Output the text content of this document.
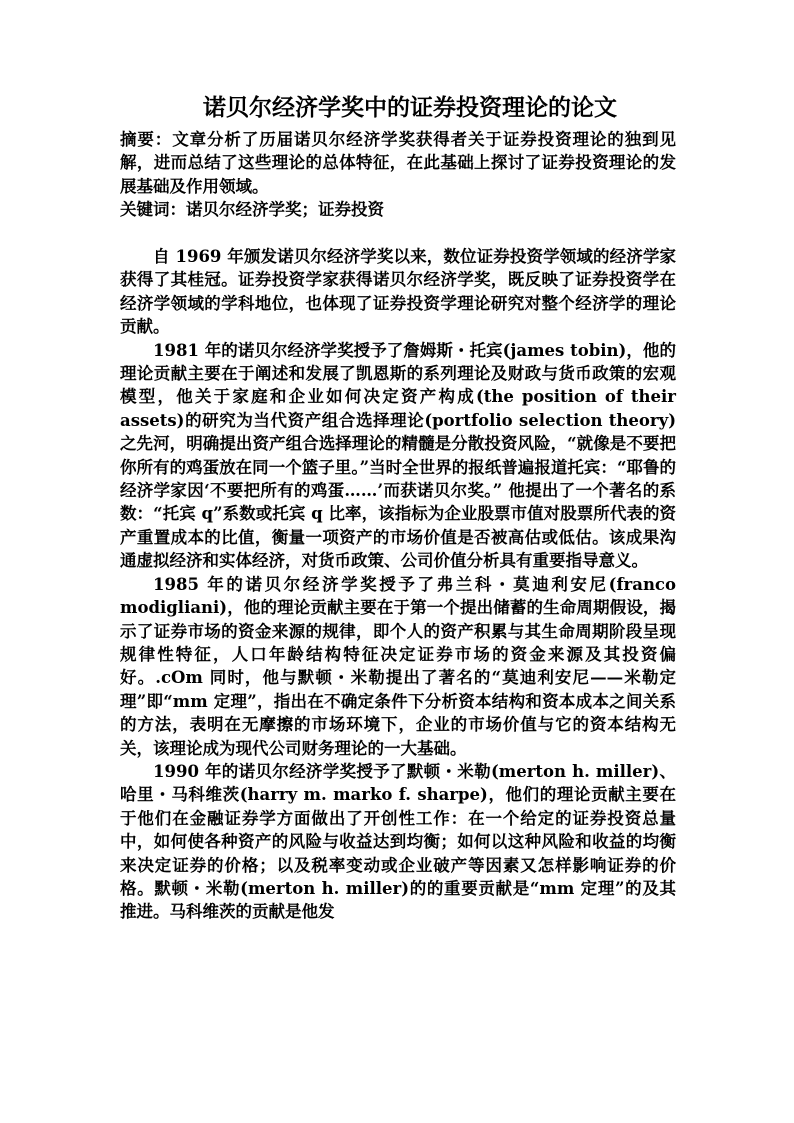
诺贝尔经济学奖中的证券投资理论的论文

摘要：文章分析了历届诺贝尔经济学奖获得者关于证券投资理论的独到见解，进而总结了这些理论的总体特征，在此基础上探讨了证券投资理论的发展基础及作用领域。

关键词：诺贝尔经济学奖；证券投资

自 1969 年颁发诺贝尔经济学奖以来，数位证券投资学领域的经济学家获得了其桂冠。证券投资学家获得诺贝尔经济学奖，既反映了证券投资学在经济学领域的学科地位，也体现了证券投资学理论研究对整个经济学的理论贡献。

1981 年的诺贝尔经济学奖授予了詹姆斯・托宾(james tobin)，他的理论贡献主要在于阐述和发展了凯恩斯的系列理论及财政与货币政策的宏观模型，他关于家庭和企业如何决定资产构成(the position of their assets)的研究为当代资产组合选择理论(portfolio selection theory)之先河，明确提出资产组合选择理论的精髓是分散投资风险，“就像是不要把你所有的鸡蛋放在同一个篮子里。”当时全世界的报纸普遍报道托宾：“耶鲁的经济学家因‘不要把所有的鸡蛋……’而获诺贝尔奖。” 他提出了一个著名的系数：“托宾 q”系数或托宾 q 比率，该指标为企业股票市值对股票所代表的资产重置成本的比值，衡量一项资产的市场价值是否被高估或低估。该成果沟通虚拟经济和实体经济，对货币政策、公司价值分析具有重要指导意义。

1985 年的诺贝尔经济学奖授予了弗兰科・莫迪利安尼(franco modigliani)，他的理论贡献主要在于第一个提出储蓄的生命周期假设，揭示了证券市场的资金来源的规律，即个人的资产积累与其生命周期阶段呈现规律性特征，人口年龄结构特征决定证券市场的资金来源及其投资偏好。.cOm 同时，他与默顿・米勒提出了著名的“莫迪利安尼——米勒定理”即“mm 定理”，指出在不确定条件下分析资本结构和资本成本之间关系的方法，表明在无摩擦的市场环境下，企业的市场价值与它的资本结构无关，该理论成为现代公司财务理论的一大基础。

1990 年的诺贝尔经济学奖授予了默顿・米勒(merton h. miller)、哈里・马科维茨(harry m. marko f. sharpe)，他们的理论贡献主要在于他们在金融证券学方面做出了开创性工作：在一个给定的证券投资总量中，如何使各种资产的风险与收益达到均衡；如何以这种风险和收益的均衡来决定证券的价格；以及税率变动或企业破产等因素又怎样影响证券的价格。默顿・米勒(merton h. miller)的的重要贡献是“mm 定理”的及其推进。马科维茨的贡献是他发
